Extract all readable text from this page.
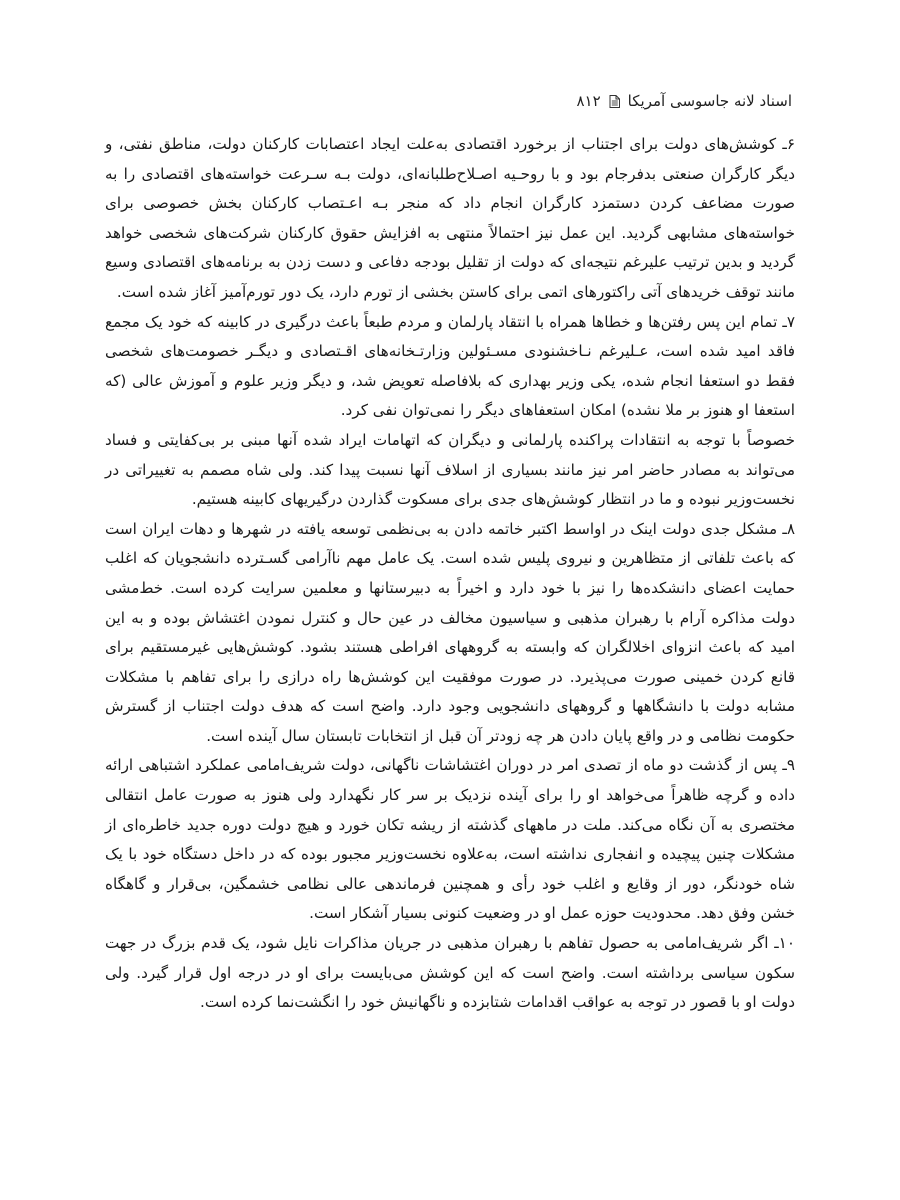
اسناد لانه جاسوسی آمریکا
۸۱۲

۶ـ کوشش‌های دولت برای اجتناب از برخورد اقتصادی به‌علت ایجاد اعتصابات کارکنان دولت، مناطق نفتی، و دیگر کارگران صنعتی بدفرجام بود و با روحـیه اصـلاح‌طلبانه‌ای، دولت بـه سـرعت خواسته‌های اقتصادی را به صورت مضاعف کردن دستمزد کارگران انجام داد که منجر بـه اعـتصاب کارکنان بخش خصوصی برای خواسته‌های مشابهی گردید. این عمل نیز احتمالاً منتهی به افزایش حقوق کارکنان شرکت‌های شخصی خواهد گردید و بدین ترتیب علیرغم نتیجه‌ای که دولت از تقلیل بودجه دفاعی و دست زدن به برنامه‌های اقتصادی وسیع مانند توقف خریدهای آتی راکتورهای اتمی برای کاستن بخشی از تورم دارد، یک دور تورم‌آمیز آغاز شده است.

۷ـ تمام این پس رفتن‌ها و خطاها همراه با انتقاد پارلمان و مردم طبعاً باعث درگیری در کابینه که خود یک مجمع فاقد امید شده است، عـلیرغم نـاخشنودی مسـئولین وزارتـخانه‌های اقـتصادی و دیگـر خصومت‌های شخصی فقط دو استعفا انجام شده، یکی وزیر بهداری که بلافاصله تعویض شد، و دیگر وزیر علوم و آموزش عالی (که استعفا او هنوز بر ملا نشده) امکان استعفاهای دیگر را نمی‌توان نفی کرد.

خصوصاً با توجه به انتقادات پراکنده پارلمانی و دیگران که اتهامات ایراد شده آنها مبنی بر بی‌کفایتی و فساد می‌تواند به مصادر حاضر امر نیز مانند بسیاری از اسلاف آنها نسبت پیدا کند. ولی شاه مصمم به تغییراتی در نخست‌وزیر نبوده و ما در انتظار کوشش‌های جدی برای مسکوت گذاردن درگیریهای کابینه هستیم.

۸ـ مشکل جدی دولت اینک در اواسط اکتبر خاتمه دادن به بی‌نظمی توسعه یافته در شهرها و دهات ایران است که باعث تلفاتی از متظاهرین و نیروی پلیس شده است. یک عامل مهم ناآرامی گسـترده دانشجویان که اغلب حمایت اعضای دانشکده‌ها را نیز با خود دارد و اخیراً به دبیرستانها و معلمین سرایت کرده است. خط‌مشی دولت مذاکره آرام با رهبران مذهبی و سیاسیون مخالف در عین حال و کنترل نمودن اغتشاش بوده و به این امید که باعث انزوای اخلالگران که وابسته به گروههای افراطی هستند بشود. کوشش‌هایی غیرمستقیم برای قانع کردن خمینی صورت می‌پذیرد. در صورت موفقیت این کوشش‌ها راه درازی را برای تفاهم با مشکلات مشابه دولت با دانشگاهها و گروههای دانشجویی وجود دارد. واضح است که هدف دولت اجتناب از گسترش حکومت نظامی و در واقع پایان دادن هر چه زودتر آن قبل از انتخابات تابستان سال آینده است.

۹ـ پس از گذشت دو ماه از تصدی امر در دوران اغتشاشات ناگهانی، دولت شریف‌امامی عملکرد اشتباهی ارائه داده و گرچه ظاهراً می‌خواهد او را برای آینده نزدیک بر سر کار نگهدارد ولی هنوز به صورت عامل انتقالی مختصری به آن نگاه می‌کند. ملت در ماههای گذشته از ریشه تکان خورد و هیچ دولت دوره جدید خاطره‌ای از مشکلات چنین پیچیده و انفجاری نداشته است، به‌علاوه نخست‌وزیر مجبور بوده که در داخل دستگاه خود با یک شاه خودنگر، دور از وقایع و اغلب خود رأی و همچنین فرماندهی عالی نظامی خشمگین، بی‌قرار و گاهگاه خشن وفق دهد. محدودیت حوزه عمل او در وضعیت کنونی بسیار آشکار است.

۱۰ـ اگر شریف‌امامی به حصول تفاهم با رهبران مذهبی در جریان مذاکرات نایل شود، یک قدم بزرگ در جهت سکون سیاسی برداشته است. واضح است که این کوشش می‌بایست برای او در درجه اول قرار گیرد. ولی دولت او با قصور در توجه به عواقب اقدامات شتابزده و ناگهانیش خود را انگشت‌نما کرده است.
